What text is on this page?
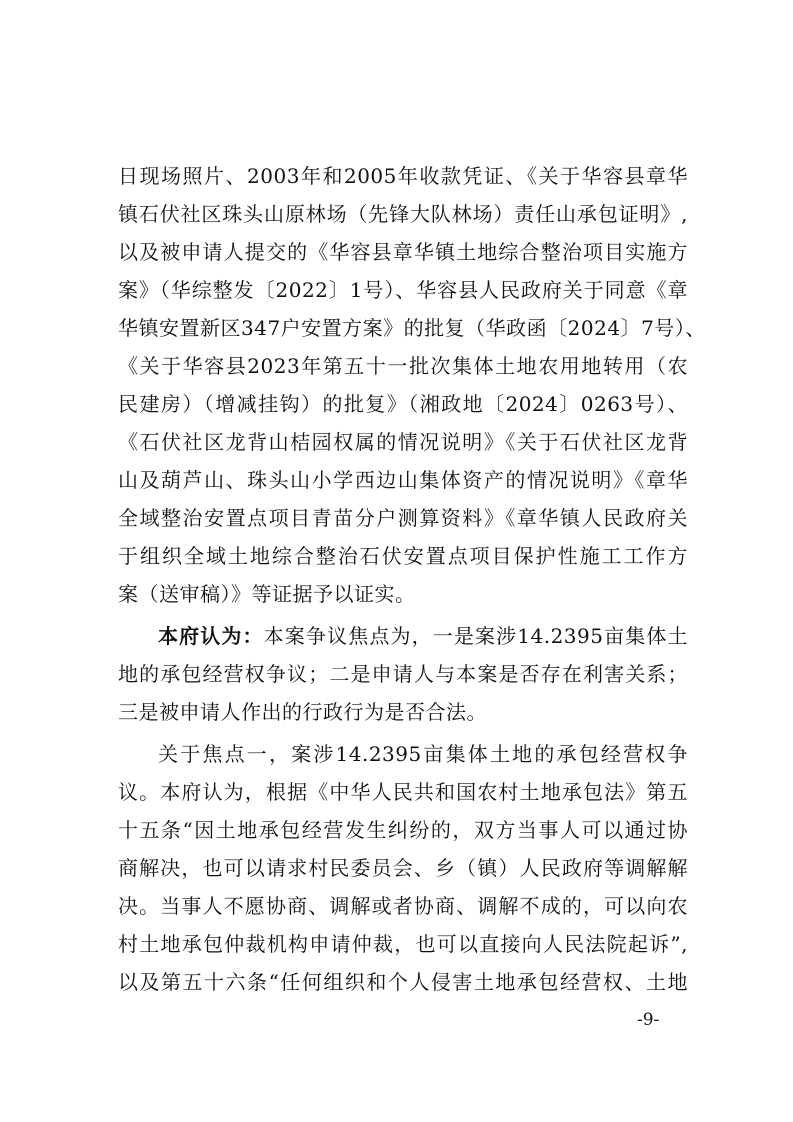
日现场照片、2003年和2005年收款凭证、《关于华容县章华
镇石伏社区珠头山原林场（先锋大队林场）责任山承包证明》,
以及被申请人提交的《华容县章华镇土地综合整治项目实施方
案》（华综整发〔2022〕1号）、华容县人民政府关于同意《章
华镇安置新区347户安置方案》的批复（华政函〔2024〕7号）、
《关于华容县2023年第五十一批次集体土地农用地转用（农
民建房）（增减挂钩）的批复》（湘政地〔2024〕0263号）、
《石伏社区龙背山桔园权属的情况说明》《关于石伏社区龙背
山及葫芦山、珠头山小学西边山集体资产的情况说明》《章华
全域整治安置点项目青苗分户测算资料》《章华镇人民政府关
于组织全域土地综合整治石伏安置点项目保护性施工工作方
案（送审稿）》等证据予以证实。
本府认为：本案争议焦点为，一是案涉14.2395亩集体土
地的承包经营权争议；二是申请人与本案是否存在利害关系；
三是被申请人作出的行政行为是否合法。
关于焦点一，案涉14.2395亩集体土地的承包经营权争
议。本府认为，根据《中华人民共和国农村土地承包法》第五
十五条“因土地承包经营发生纠纷的，双方当事人可以通过协
商解决，也可以请求村民委员会、乡（镇）人民政府等调解解
决。当事人不愿协商、调解或者协商、调解不成的，可以向农
村土地承包仲裁机构申请仲裁，也可以直接向人民法院起诉”,
以及第五十六条“任何组织和个人侵害土地承包经营权、土地
-9-
